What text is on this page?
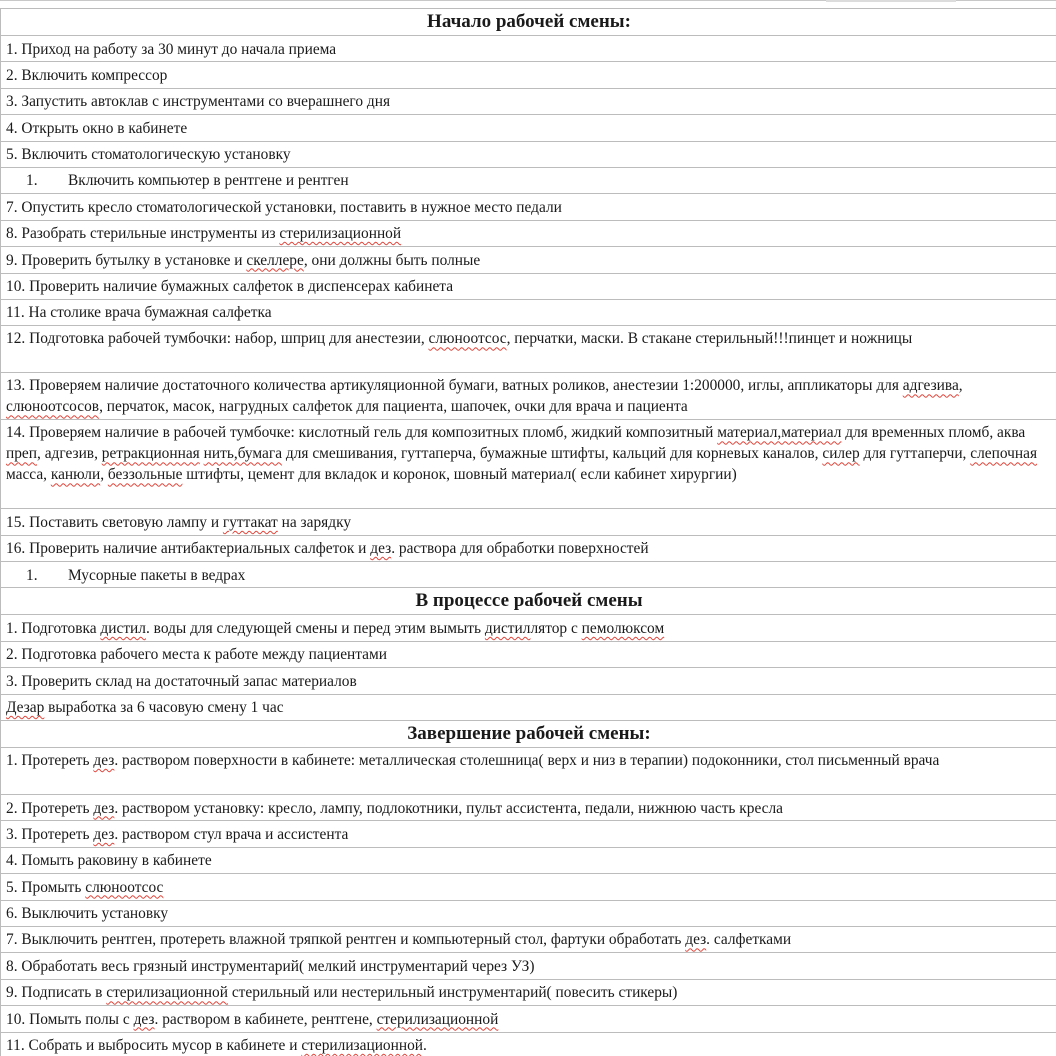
Начало рабочей смены:
1. Приход на работу за 30 минут до начала приема
2. Включить компрессор
3. Запустить автоклав с инструментами со вчерашнего дня
4. Открыть окно в кабинете
5. Включить стоматологическую установку
1. Включить компьютер в рентгене и рентген
7. Опустить кресло стоматологической установки, поставить в нужное место педали
8. Разобрать стерильные инструменты из стерилизационной
9. Проверить бутылку в установке и скеллере, они должны быть полные
10. Проверить наличие бумажных салфеток в диспенсерах кабинета
11. На столике врача бумажная салфетка
12. Подготовка рабочей тумбочки: набор, шприц для анестезии, слюноотсос, перчатки, маски. В стакане стерильный!!!пинцет и ножницы
13. Проверяем наличие достаточного количества артикуляционной бумаги, ватных роликов, анестезии 1:200000, иглы, аппликаторы для адгезива, слюноотсосов, перчаток, масок, нагрудных салфеток для пациента, шапочек, очки для врача и пациента
14. Проверяем наличие в рабочей тумбочке: кислотный гель для композитных пломб, жидкий композитный материал,материал для временных пломб, аква преп, адгезив, ретракционная нить,бумага для смешивания, гуттаперча, бумажные штифты, кальций для корневых каналов, силер для гуттаперчи, слепочная масса, канюли, беззольные штифты, цемент для вкладок и коронок, шовный материал( если кабинет хирургии)
15. Поставить световую лампу и гуттакат на зарядку
16. Проверить наличие антибактериальных салфеток и дез. раствора для обработки поверхностей
1. Мусорные пакеты в ведрах
В процессе рабочей смены
1. Подготовка дистил. воды для следующей смены и перед этим вымыть дистиллятор с пемолюксом
2. Подготовка рабочего места к работе между пациентами
3. Проверить склад на достаточный запас материалов
Дезар выработка за 6 часовую смену 1 час
Завершение рабочей смены:
1. Протереть дез. раствором поверхности в кабинете: металлическая столешница( верх и низ в терапии) подоконники, стол письменный врача
2. Протереть дез. раствором установку: кресло, лампу, подлокотники, пульт ассистента, педали, нижнюю часть кресла
3. Протереть дез. раствором стул врача и ассистента
4. Помыть раковину в кабинете
5. Промыть слюноотсос
6. Выключить установку
7. Выключить рентген, протереть влажной тряпкой рентген и компьютерный стол, фартуки обработать дез. салфетками
8. Обработать весь грязный инструментарий( мелкий инструментарий через УЗ)
9. Подписать в стерилизационной стерильный или нестерильный инструментарий( повесить стикеры)
10. Помыть полы с дез. раствором в кабинете, рентгене, стерилизационной
11. Собрать и выбросить мусор в кабинете и стерилизационной.
